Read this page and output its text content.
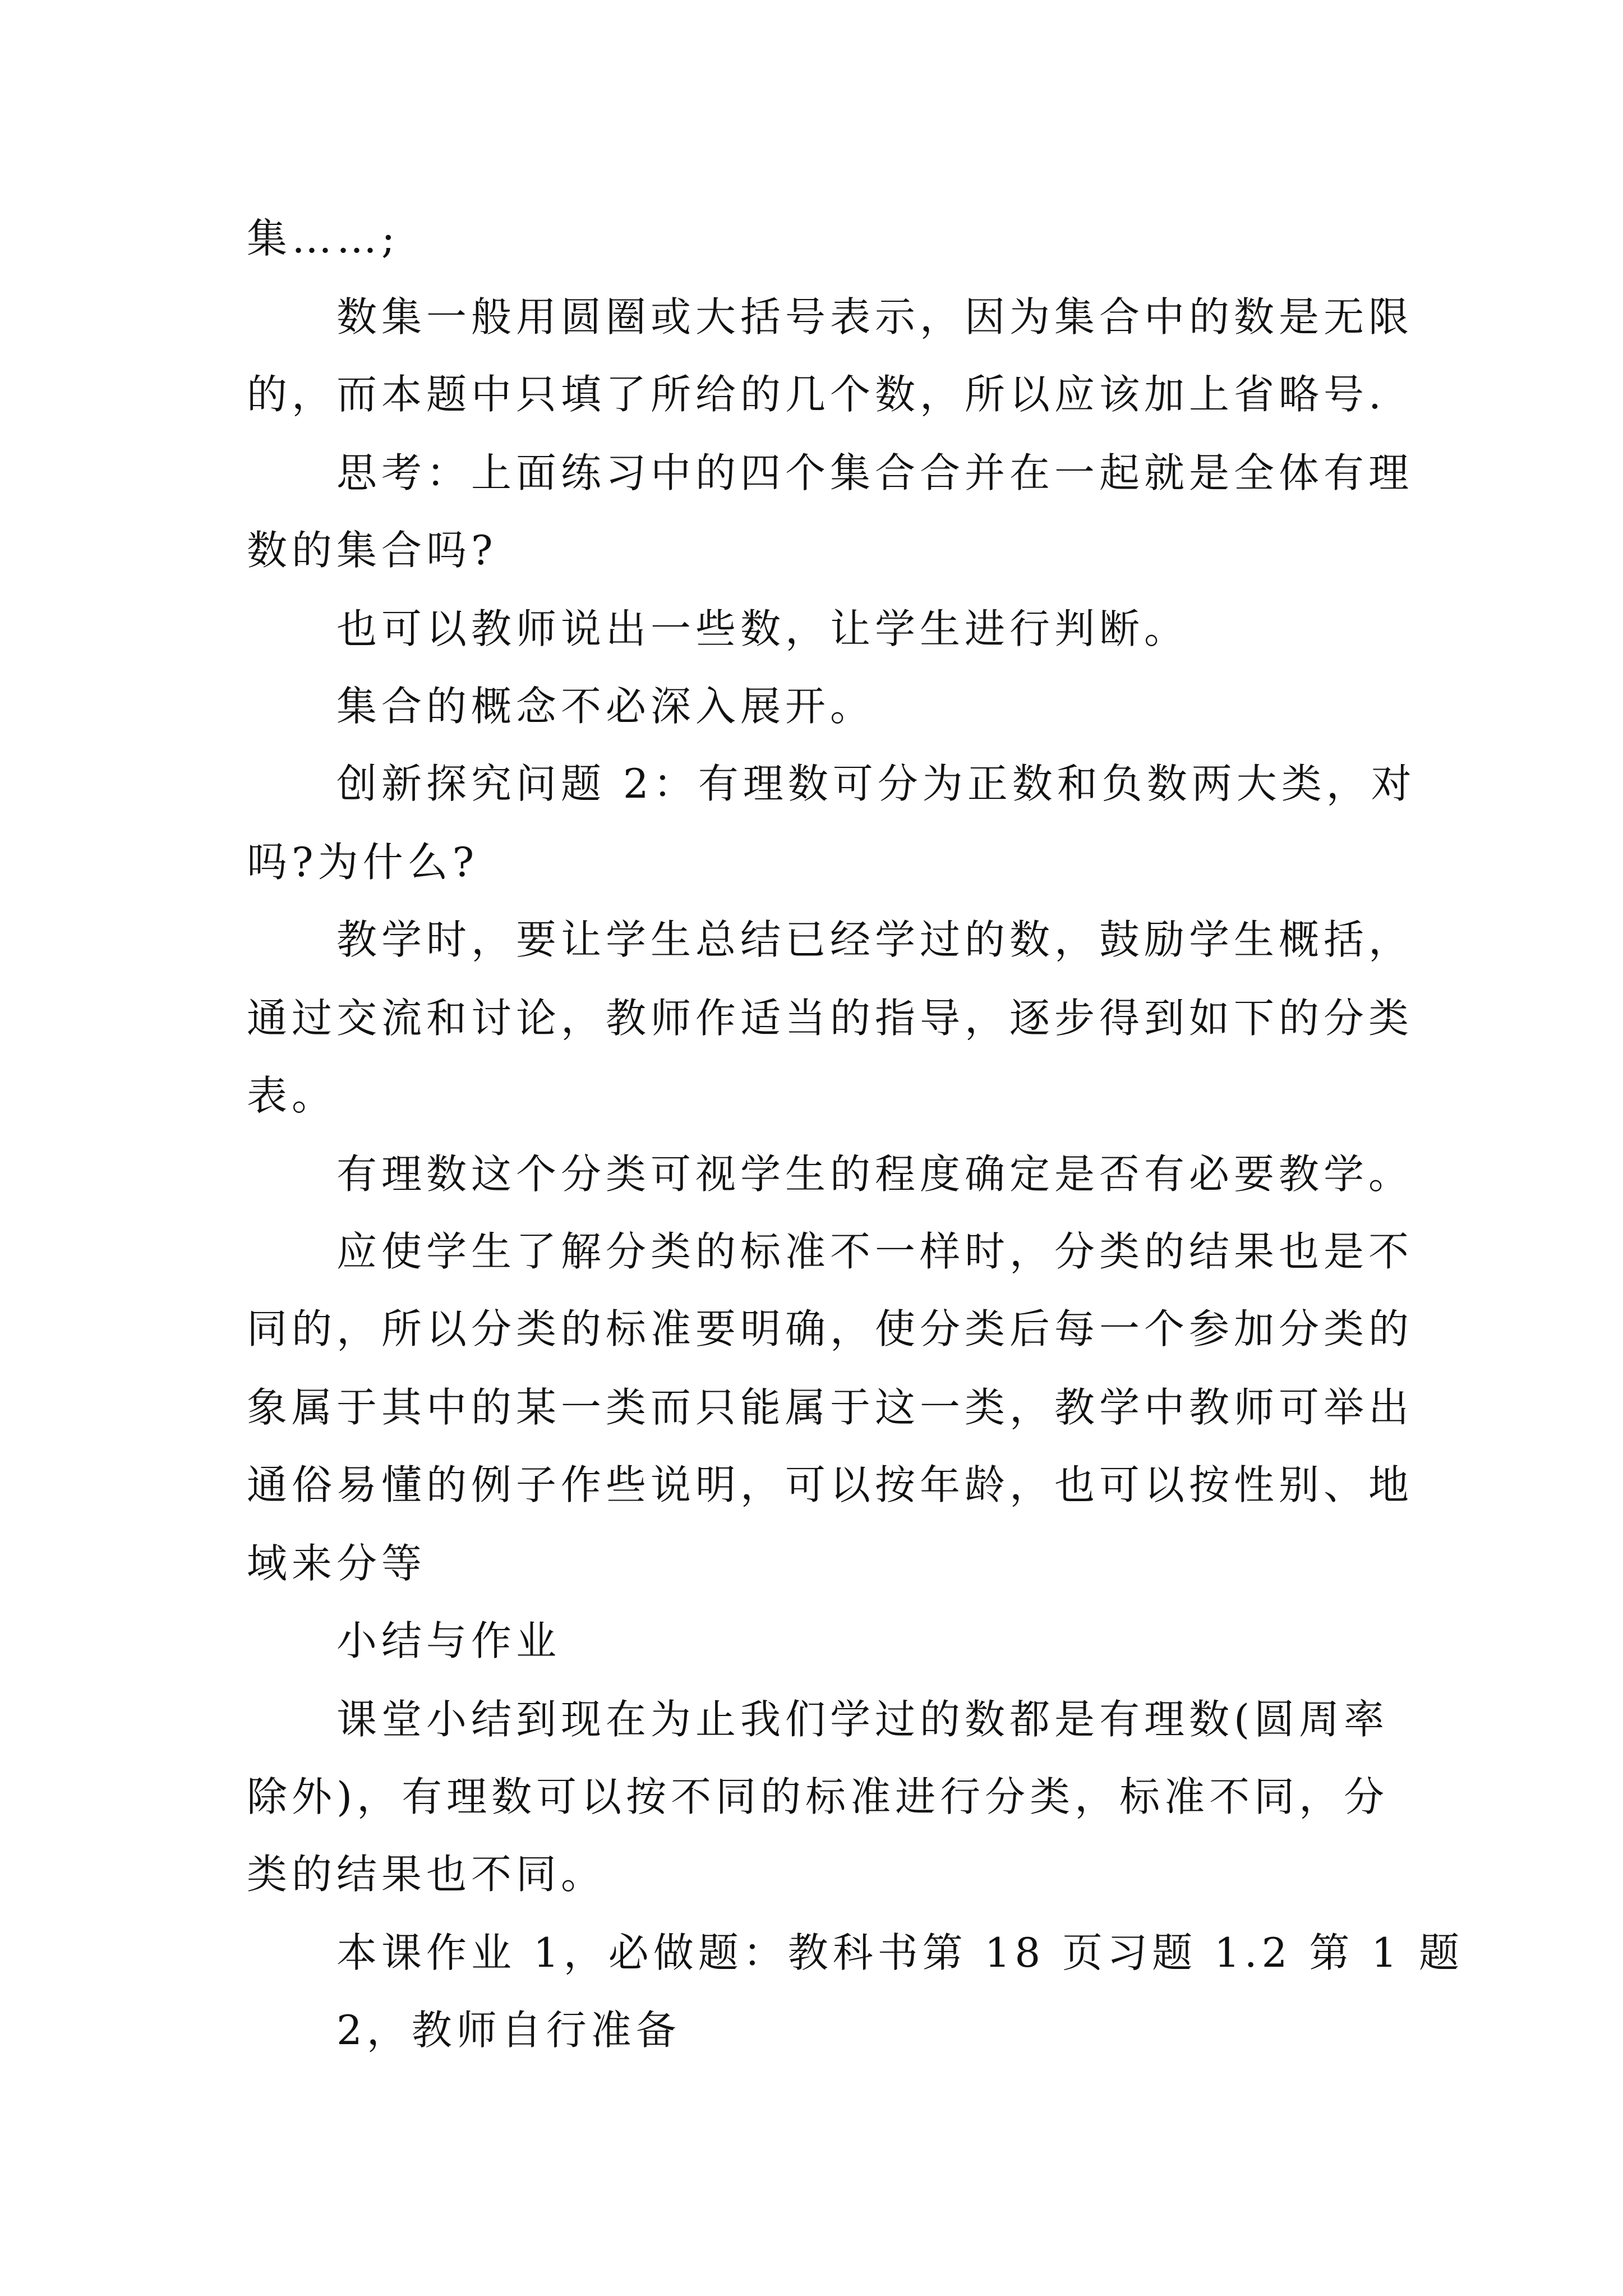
集……;
数集一般用圆圈或大括号表示，因为集合中的数是无限
的，而本题中只填了所给的几个数，所以应该加上省略号.
思考：上面练习中的四个集合合并在一起就是全体有理
数的集合吗?
也可以教师说出一些数，让学生进行判断。
集合的概念不必深入展开。
创新探究问题 2：有理数可分为正数和负数两大类，对
吗?为什么?
教学时，要让学生总结已经学过的数，鼓励学生概括，
通过交流和讨论，教师作适当的指导，逐步得到如下的分类
表。
有理数这个分类可视学生的程度确定是否有必要教学。
应使学生了解分类的标准不一样时，分类的结果也是不
同的，所以分类的标准要明确，使分类后每一个参加分类的
象属于其中的某一类而只能属于这一类，教学中教师可举出
通俗易懂的例子作些说明，可以按年龄，也可以按性别、地
域来分等
小结与作业
课堂小结到现在为止我们学过的数都是有理数(圆周率
除外)，有理数可以按不同的标准进行分类，标准不同，分
类的结果也不同。
本课作业 1，必做题：教科书第 18 页习题 1.2 第 1 题
2，教师自行准备
